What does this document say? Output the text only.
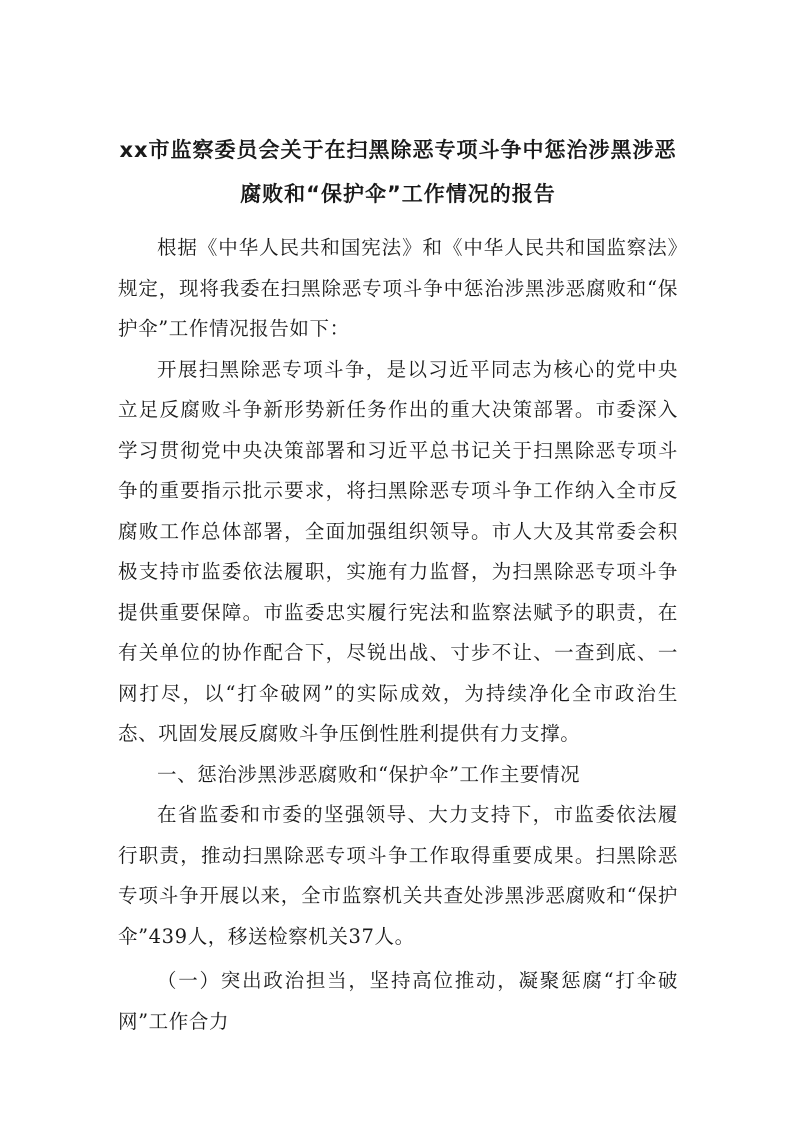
xx市监察委员会关于在扫黑除恶专项斗争中惩治涉黑涉恶
腐败和“保护伞”工作情况的报告

根据《中华人民共和国宪法》和《中华人民共和国监察法》规定，现将我委在扫黑除恶专项斗争中惩治涉黑涉恶腐败和“保护伞”工作情况报告如下：

开展扫黑除恶专项斗争，是以习近平同志为核心的党中央立足反腐败斗争新形势新任务作出的重大决策部署。市委深入学习贯彻党中央决策部署和习近平总书记关于扫黑除恶专项斗争的重要指示批示要求，将扫黑除恶专项斗争工作纳入全市反腐败工作总体部署，全面加强组织领导。市人大及其常委会积极支持市监委依法履职，实施有力监督，为扫黑除恶专项斗争提供重要保障。市监委忠实履行宪法和监察法赋予的职责，在有关单位的协作配合下，尽锐出战、寸步不让、一查到底、一网打尽，以“打伞破网”的实际成效，为持续净化全市政治生态、巩固发展反腐败斗争压倒性胜利提供有力支撑。

一、惩治涉黑涉恶腐败和“保护伞”工作主要情况

在省监委和市委的坚强领导、大力支持下，市监委依法履行职责，推动扫黑除恶专项斗争工作取得重要成果。扫黑除恶专项斗争开展以来，全市监察机关共查处涉黑涉恶腐败和“保护伞”439人，移送检察机关37人。

（一）突出政治担当，坚持高位推动，凝聚惩腐“打伞破网”工作合力
